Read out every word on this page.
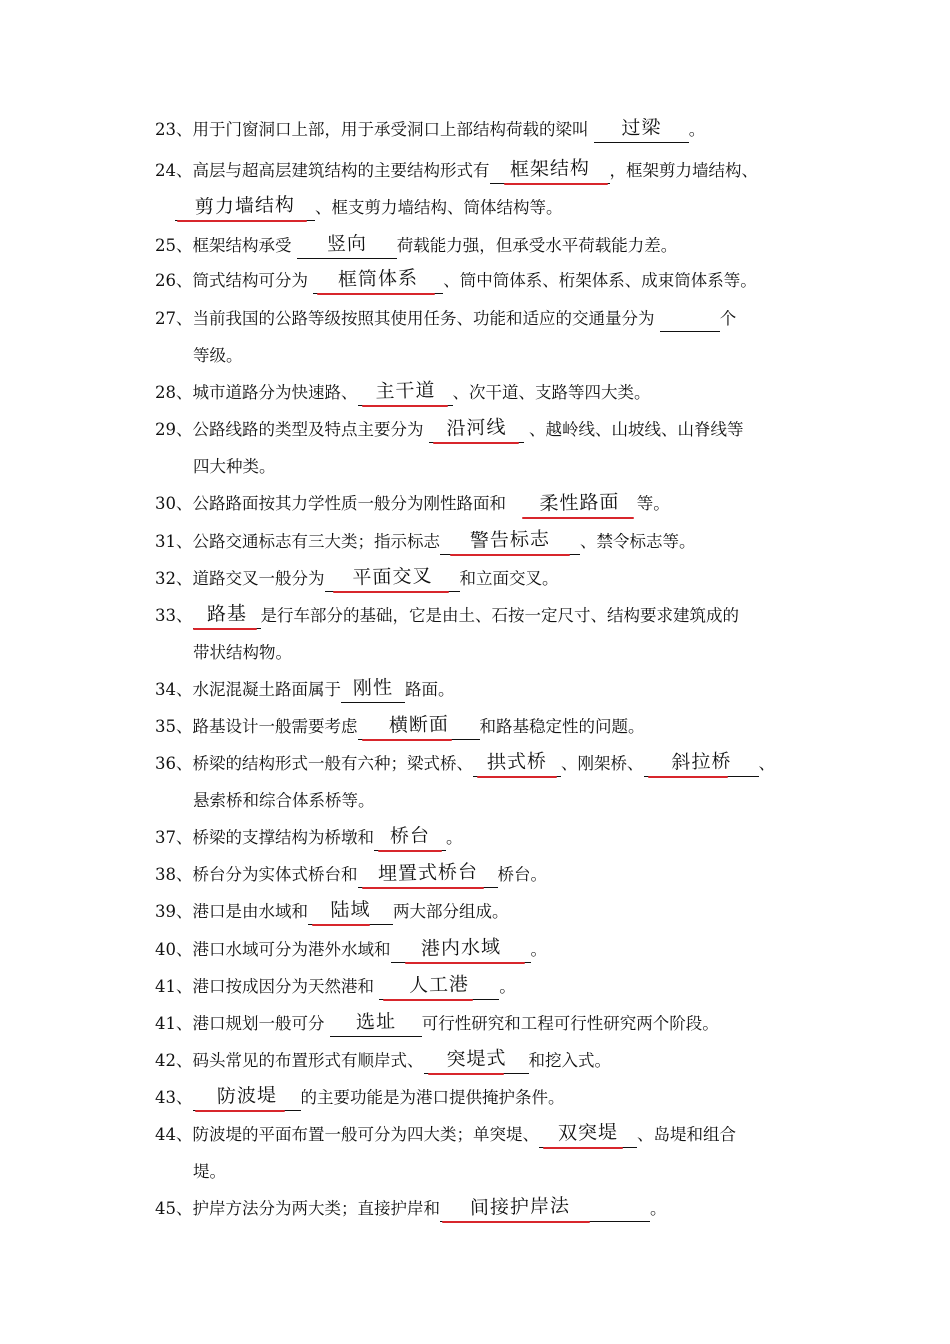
23、用于门窗洞口上部，用于承受洞口上部结构荷载的梁叫	过梁	。
24、高层与超高层建筑结构的主要结构形式有	框架结构	，框架剪力墙结构、
剪力墙结构	、框支剪力墙结构、筒体结构等。
25、框架结构承受	竖向	荷载能力强，但承受水平荷载能力差。
26、筒式结构可分为	框筒体系	、筒中筒体系、桁架体系、成束筒体系等。
27、当前我国的公路等级按照其使用任务、功能和适应的交通量分为	个
等级。
28、城市道路分为快速路、 主干道	、次干道、支路等四大类。
29、公路线路的类型及特点主要分为 沿河线	、越岭线、山坡线、山脊线等
四大种类。
30、公路路面按其力学性质一般分为刚性路面和	柔性路面	等。
31、公路交通标志有三大类；指示标志	警告标志	、禁令标志等。
32、道路交叉一般分为	平面交叉	和立面交叉。
33、 路基 是行车部分的基础，它是由土、石按一定尺寸、结构要求建筑成的
带状结构物。
34、水泥混凝土路面属于 刚性 路面。
35、路基设计一般需要考虑	横断面	和路基稳定性的问题。
36、桥梁的结构形式一般有六种；梁式桥、 拱式桥 、刚架桥、	斜拉桥	、
悬索桥和综合体系桥等。
37、桥梁的支撑结构为桥墩和 桥台 。
38、桥台分为实体式桥台和	埋置式桥台	桥台。
39、港口是由水域和	陆域	两大部分组成。
40、港口水域可分为港外水域和	港内水域	。
41、港口按成因分为天然港和	人工港	。
41、港口规划一般可分	选址	可行性研究和工程可行性研究两个阶段。
42、码头常见的布置形式有顺岸式、	突堤式	和挖入式。
43、	防波堤	的主要功能是为港口提供掩护条件。
44、防波堤的平面布置一般可分为四大类；单突堤、 双突堤	、岛堤和组合
堤。
45、护岸方法分为两大类；直接护岸和	间接护岸法	。
